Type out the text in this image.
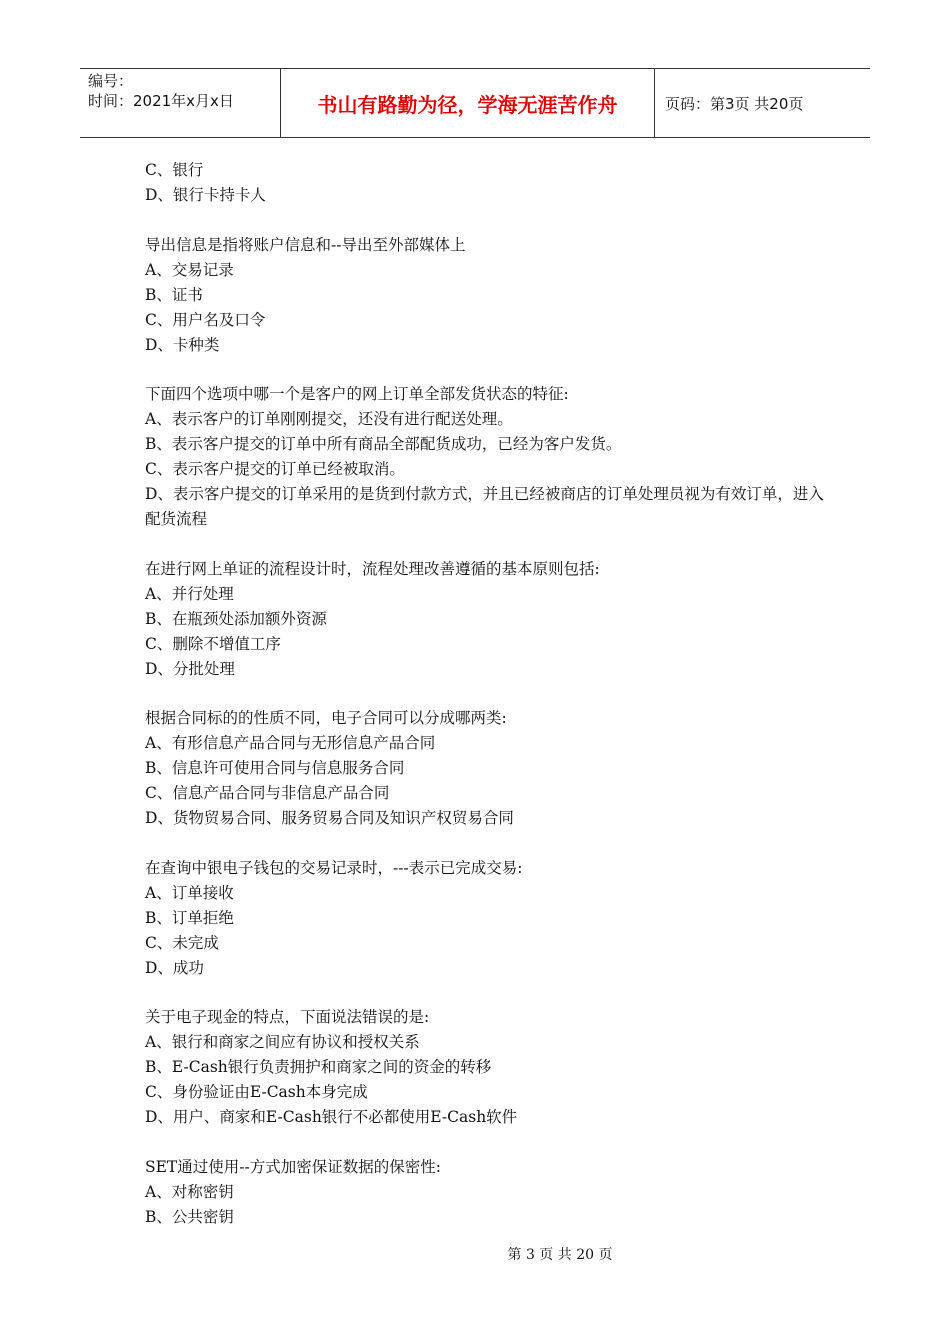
编号：
时间：2021年x月x日	书山有路勤为径，学海无涯苦作舟	页码：第3页 共20页
C、银行
D、银行卡持卡人
导出信息是指将账户信息和--导出至外部媒体上
A、交易记录
B、证书
C、用户名及口令
D、卡种类
下面四个选项中哪一个是客户的网上订单全部发货状态的特征:
A、表示客户的订单刚刚提交，还没有进行配送处理。
B、表示客户提交的订单中所有商品全部配货成功，已经为客户发货。
C、表示客户提交的订单已经被取消。
D、表示客户提交的订单采用的是货到付款方式，并且已经被商店的订单处理员视为有效订单，进入配货流程
在进行网上单证的流程设计时，流程处理改善遵循的基本原则包括:
A、并行处理
B、在瓶颈处添加额外资源
C、删除不增值工序
D、分批处理
根据合同标的的性质不同，电子合同可以分成哪两类:
A、有形信息产品合同与无形信息产品合同
B、信息许可使用合同与信息服务合同
C、信息产品合同与非信息产品合同
D、货物贸易合同、服务贸易合同及知识产权贸易合同
在查询中银电子钱包的交易记录时，---表示已完成交易:
A、订单接收
B、订单拒绝
C、未完成
D、成功
关于电子现金的特点，下面说法错误的是:
A、银行和商家之间应有协议和授权关系
B、E-Cash银行负责拥护和商家之间的资金的转移
C、身份验证由E-Cash本身完成
D、用户、商家和E-Cash银行不必都使用E-Cash软件
SET通过使用--方式加密保证数据的保密性:
A、对称密钥
B、公共密钥
第 3 页 共 20 页
